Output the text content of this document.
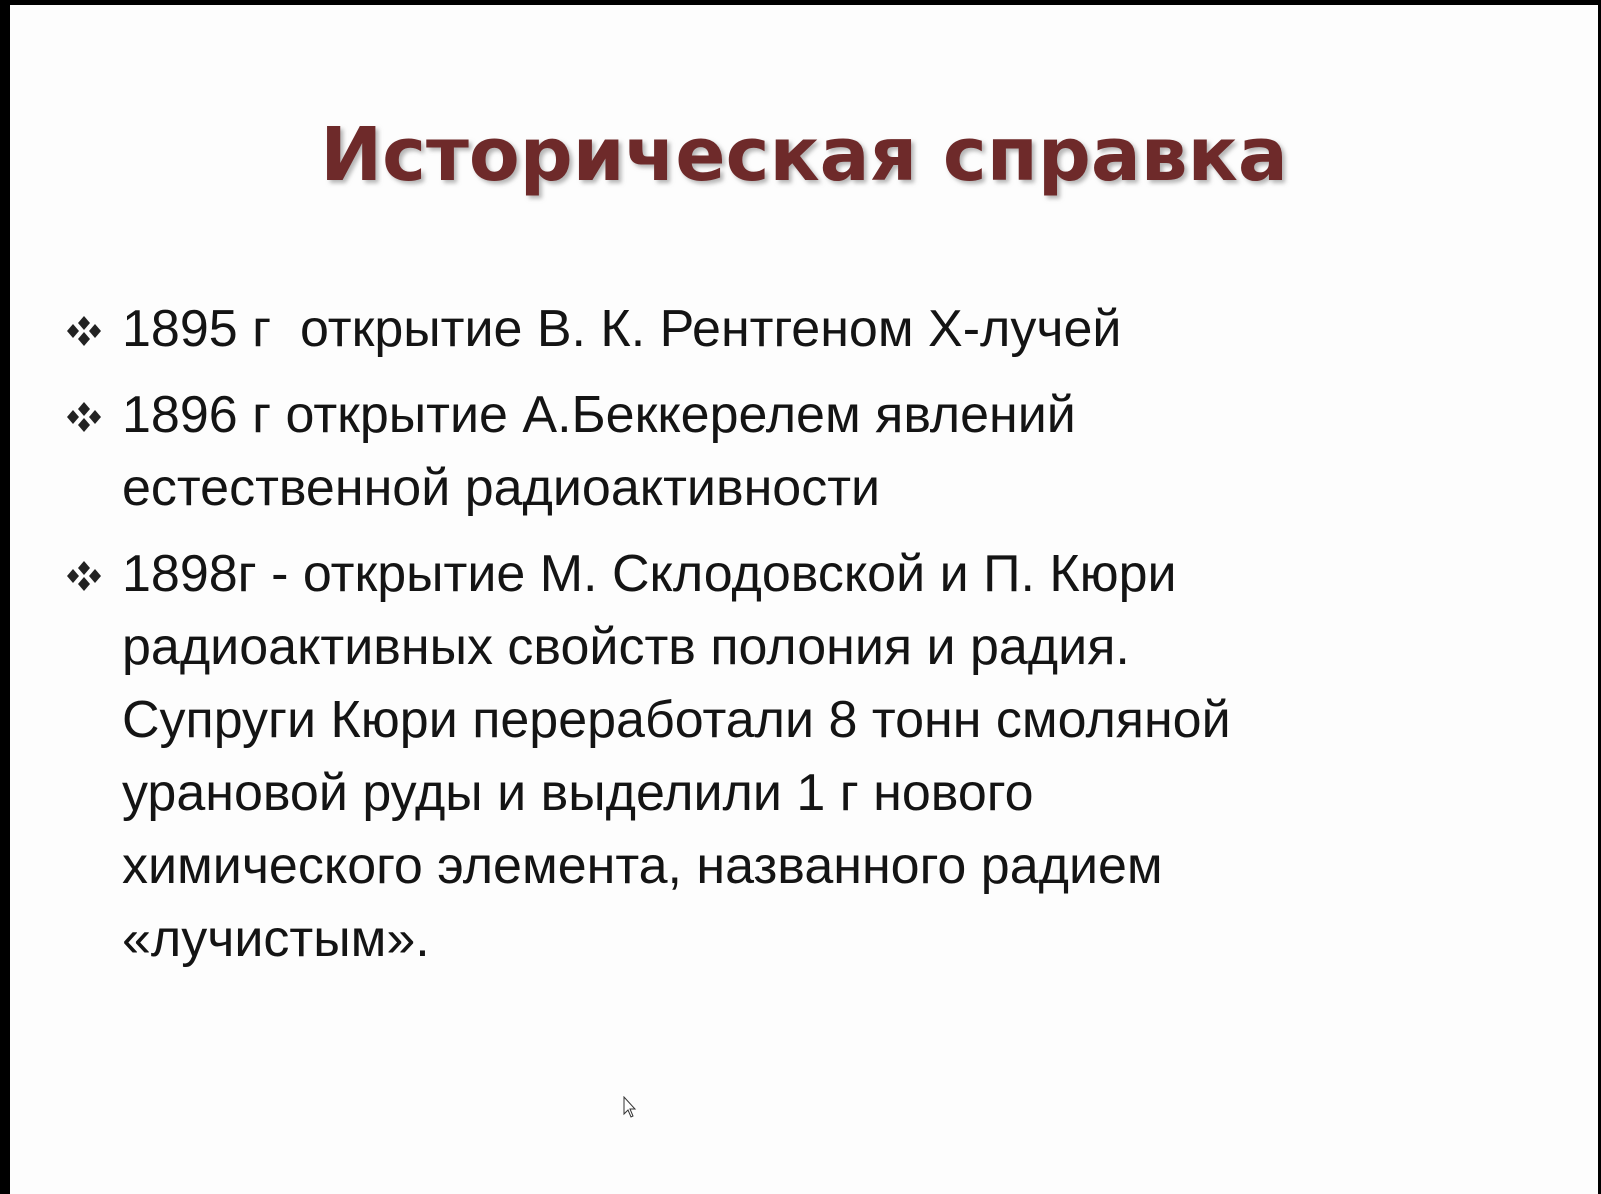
Историческая справка
1895 г  открытие В. К. Рентгеном Х-лучей
1896 г открытие А.Беккерелем явлений естественной радиоактивности
1898г - открытие М. Склодовской и П. Кюри радиоактивных свойств полония и радия. Супруги Кюри переработали 8 тонн смоляной урановой руды и выделили 1 г нового химического элемента, названного радием «лучистым».
